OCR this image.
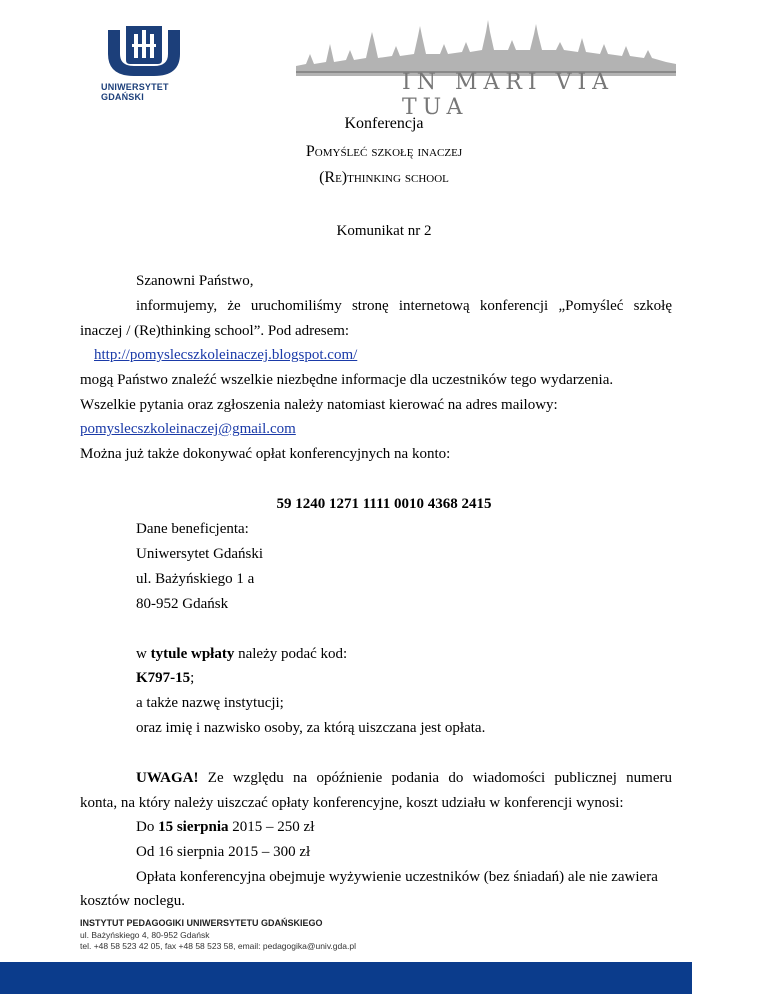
UNIWERSYTET GDAŃSKI
IN MARI VIA TUA
Konferencja
Pomyśleć szkołę inaczej
(Re)thinking school
Komunikat nr 2
Szanowni Państwo,
informujemy, że uruchomiliśmy stronę internetową konferencji „Pomyśleć szkołę
inaczej / (Re)thinking school”. Pod adresem:
http://pomyslecszkoleinaczej.blogspot.com/
mogą Państwo znaleźć wszelkie niezbędne informacje dla uczestników tego wydarzenia.
Wszelkie pytania oraz zgłoszenia należy natomiast kierować na adres mailowy:
pomyslecszkoleinaczej@gmail.com
Można już także dokonywać opłat konferencyjnych na konto:
59 1240 1271 1111 0010 4368 2415
Dane beneficjenta:
Uniwersytet Gdański
ul. Bażyńskiego 1 a
80-952 Gdańsk
w tytule wpłaty należy podać kod:
K797-15;
a także nazwę instytucji;
oraz imię i nazwisko osoby, za którą uiszczana jest opłata.
UWAGA! Ze względu na opóźnienie podania do wiadomości publicznej numeru
konta, na który należy uiszczać opłaty konferencyjne, koszt udziału w konferencji wynosi:
Do 15 sierpnia 2015 – 250 zł
Od 16 sierpnia 2015 – 300 zł
Opłata konferencyjna obejmuje wyżywienie uczestników (bez śniadań) ale nie zawiera
kosztów noclegu.
INSTYTUT PEDAGOGIKI UNIWERSYTETU GDAŃSKIEGO
ul. Bażyńskiego 4, 80-952 Gdańsk
tel. +48 58 523 42 05, fax +48 58 523 58, email: pedagogika@univ.gda.pl
